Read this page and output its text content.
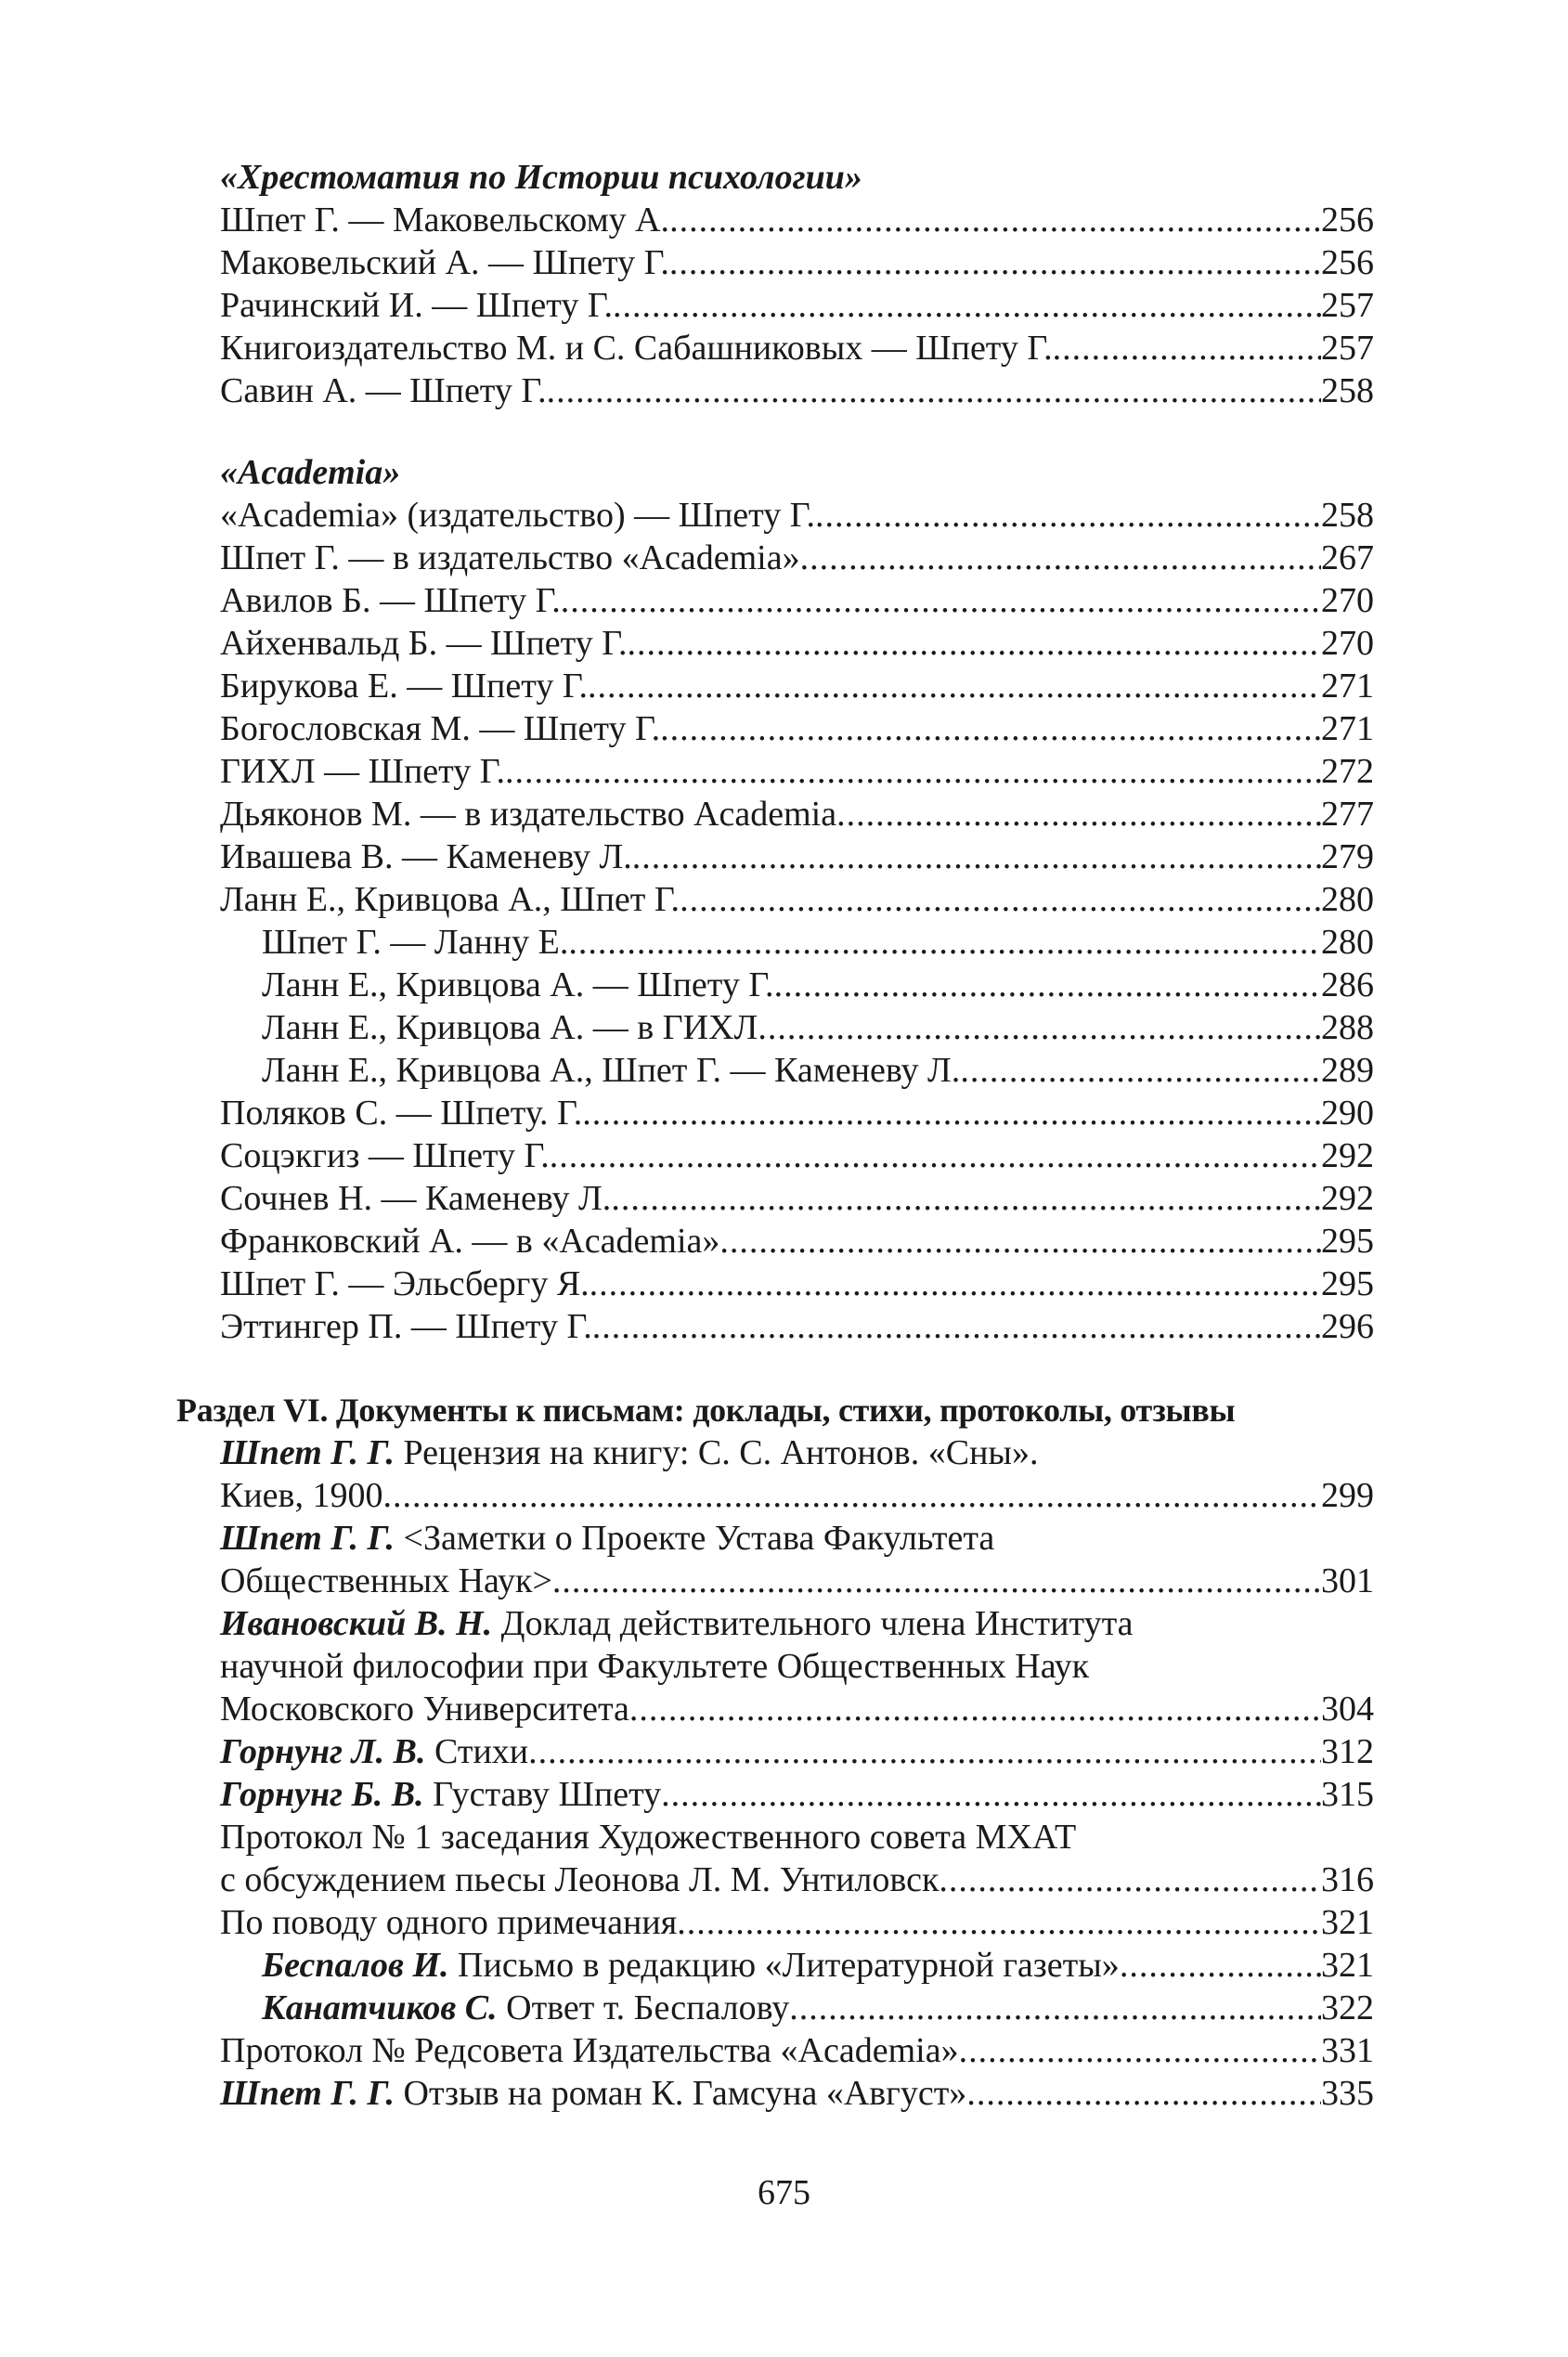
«Хрестоматия по Истории психологии»
Шпет Г. — Маковельскому А. .....	256
Маковельский А. — Шпету Г. .....	256
Рачинский И. — Шпету Г. .....	257
Книгоиздательство М. и С. Сабашниковых — Шпету Г. .....	257
Савин А. — Шпету Г. .....	258
«Academia»
«Academia» (издательство) — Шпету Г. .....	258
Шпет Г. — в издательство «Academia» .....	267
Авилов Б. — Шпету Г. .....	270
Айхенвальд Б. — Шпету Г. .....	270
Бирукова Е. — Шпету Г. .....	271
Богословская М. — Шпету Г. .....	271
ГИХЛ — Шпету Г. .....	272
Дьяконов М. — в издательство Academia .....	277
Ивашева В. — Каменеву Л. .....	279
Ланн Е., Кривцова А., Шпет Г. .....	280
Шпет Г. — Ланну Е. .....	280
Ланн Е., Кривцова А. — Шпету Г. .....	286
Ланн Е., Кривцова А. — в ГИХЛ .....	288
Ланн Е., Кривцова А., Шпет Г. — Каменеву Л. .....	289
Поляков С. — Шпету. Г. .....	290
Соцэкгиз — Шпету Г. .....	292
Сочнев Н. — Каменеву Л. .....	292
Франковский А. — в «Academia» .....	295
Шпет Г. — Эльсбергу Я. .....	295
Эттингер П. — Шпету Г. .....	296
Раздел VI. Документы к письмам: доклады, стихи, протоколы, отзывы
Шпет Г. Г. Рецензия на книгу: С. С. Антонов. «Сны».
Киев, 1900 .....	299
Шпет Г. Г. <Заметки о Проекте Устава Факультета
Общественных Наук> .....	301
Ивановский В. Н. Доклад действительного члена Института
научной философии при Факультете Общественных Наук
Московского Университета .....	304
Горнунг Л. В. Стихи .....	312
Горнунг Б. В. Густаву Шпету .....	315
Протокол № 1 заседания Художественного совета МХАТ
с обсуждением пьесы Леонова Л. М. Унтиловск .....	316
По поводу одного примечания .....	321
Беспалов И. Письмо в редакцию «Литературной газеты» .....	321
Канатчиков С. Ответ т. Беспалову .....	322
Протокол № Редсовета Издательства «Academia» .....	331
Шпет Г. Г. Отзыв на роман К. Гамсуна «Август» .....	335
675
